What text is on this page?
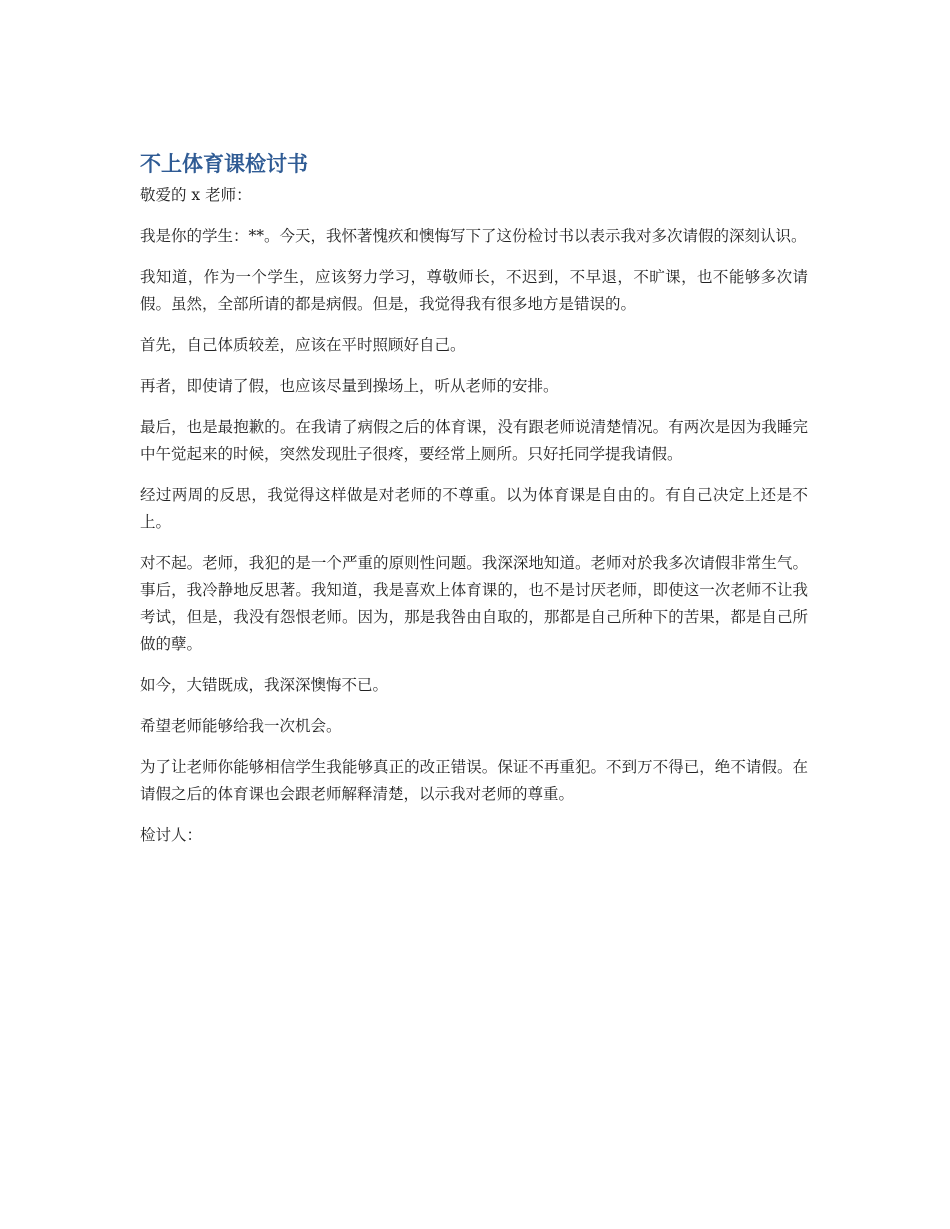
不上体育课检讨书

敬爱的 x 老师：

我是你的学生：**。今天，我怀著愧疚和懊悔写下了这份检讨书以表示我对多次请假的深刻认识。

我知道，作为一个学生，应该努力学习，尊敬师长，不迟到，不早退，不旷课，也不能够多次请假。虽然，全部所请的都是病假。但是，我觉得我有很多地方是错误的。

首先，自己体质较差，应该在平时照顾好自己。

再者，即使请了假，也应该尽量到操场上，听从老师的安排。

最后，也是最抱歉的。在我请了病假之后的体育课，没有跟老师说清楚情况。有两次是因为我睡完中午觉起来的时候，突然发现肚子很疼，要经常上厕所。只好托同学提我请假。

经过两周的反思，我觉得这样做是对老师的不尊重。以为体育课是自由的。有自己决定上还是不上。

对不起。老师，我犯的是一个严重的原则性问题。我深深地知道。老师对於我多次请假非常生气。事后，我冷静地反思著。我知道，我是喜欢上体育课的，也不是讨厌老师，即使这一次老师不让我考试，但是，我没有怨恨老师。因为，那是我咎由自取的，那都是自己所种下的苦果，都是自己所做的孽。

如今，大错既成，我深深懊悔不已。

希望老师能够给我一次机会。

为了让老师你能够相信学生我能够真正的改正错误。保证不再重犯。不到万不得已，绝不请假。在请假之后的体育课也会跟老师解释清楚，以示我对老师的尊重。

检讨人：
